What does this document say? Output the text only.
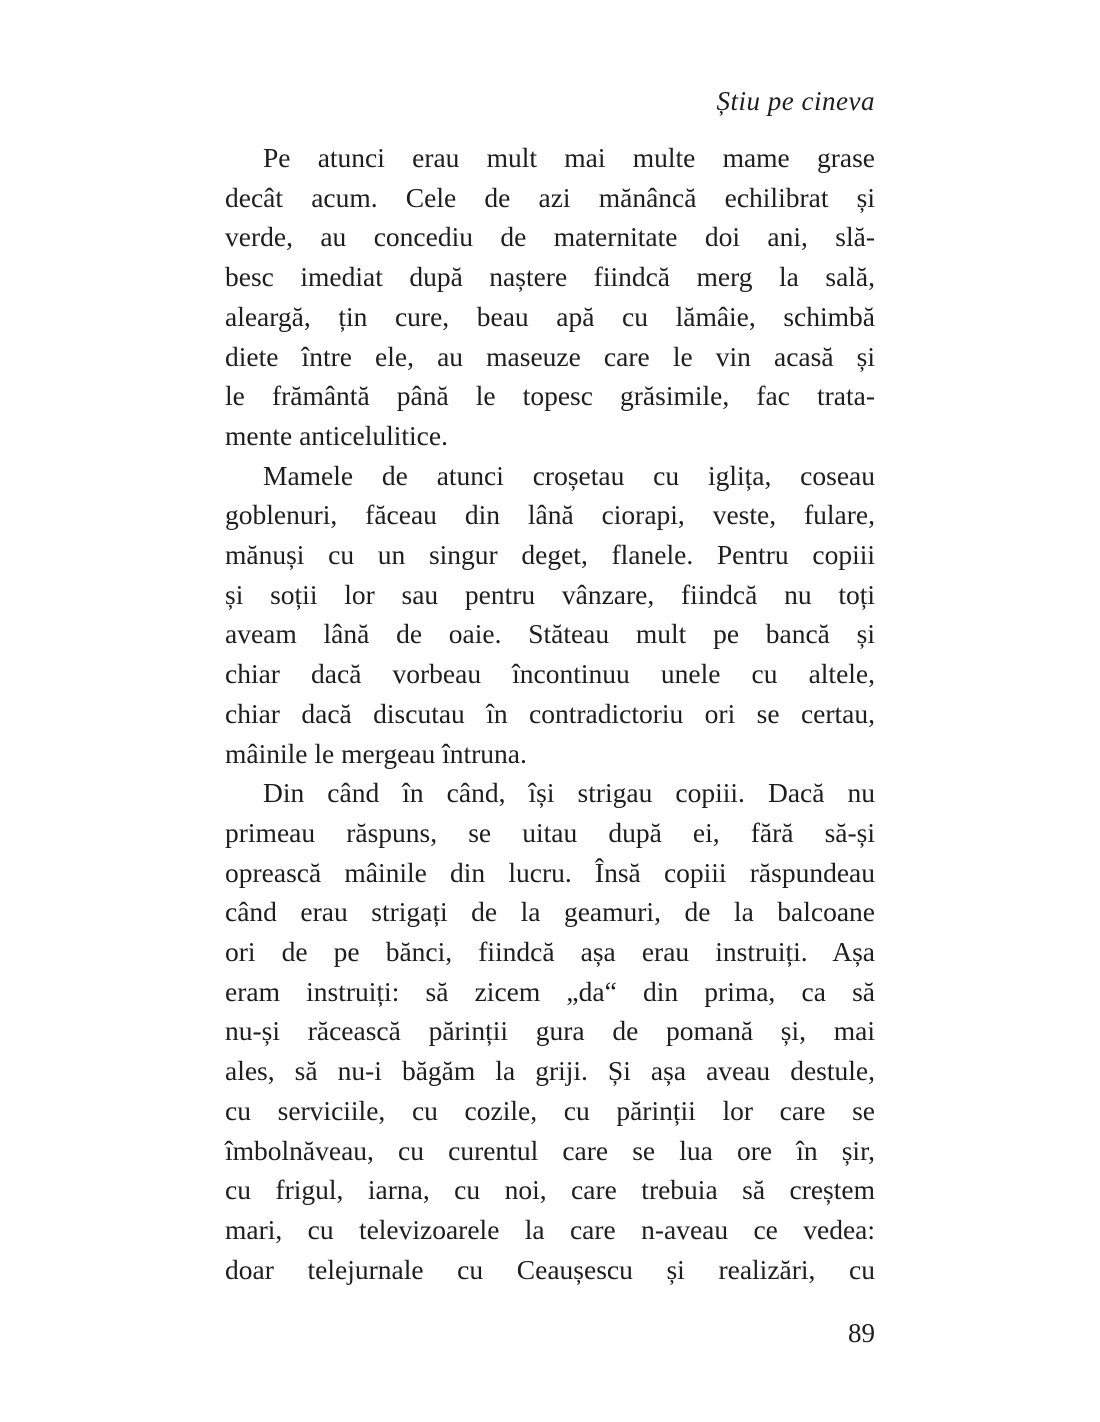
Știu pe cineva
Pe atunci erau mult mai multe mame grase
decât acum. Cele de azi mănâncă echilibrat și
verde, au concediu de maternitate doi ani, slă-
besc imediat după naștere fiindcă merg la sală,
aleargă, țin cure, beau apă cu lămâie, schimbă
diete între ele, au maseuze care le vin acasă și
le frământă până le topesc grăsimile, fac trata-
mente anticelulitice.
Mamele de atunci croșetau cu iglița, coseau
goblenuri, făceau din lână ciorapi, veste, fulare,
mănuși cu un singur deget, flanele. Pentru copiii
și soții lor sau pentru vânzare, fiindcă nu toți
aveam lână de oaie. Stăteau mult pe bancă și
chiar dacă vorbeau încontinuu unele cu altele,
chiar dacă discutau în contradictoriu ori se certau,
mâinile le mergeau întruna.
Din când în când, își strigau copiii. Dacă nu
primeau răspuns, se uitau după ei, fără să-și
oprească mâinile din lucru. Însă copiii răspundeau
când erau strigați de la geamuri, de la balcoane
ori de pe bănci, fiindcă așa erau instruiți. Așa
eram instruiți: să zicem „da“ din prima, ca să
nu-și răcească părinții gura de pomană și, mai
ales, să nu-i băgăm la griji. Și așa aveau destule,
cu serviciile, cu cozile, cu părinții lor care se
îmbolnăveau, cu curentul care se lua ore în șir,
cu frigul, iarna, cu noi, care trebuia să creștem
mari, cu televizoarele la care n-aveau ce vedea:
doar telejurnale cu Ceaușescu și realizări, cu
89
